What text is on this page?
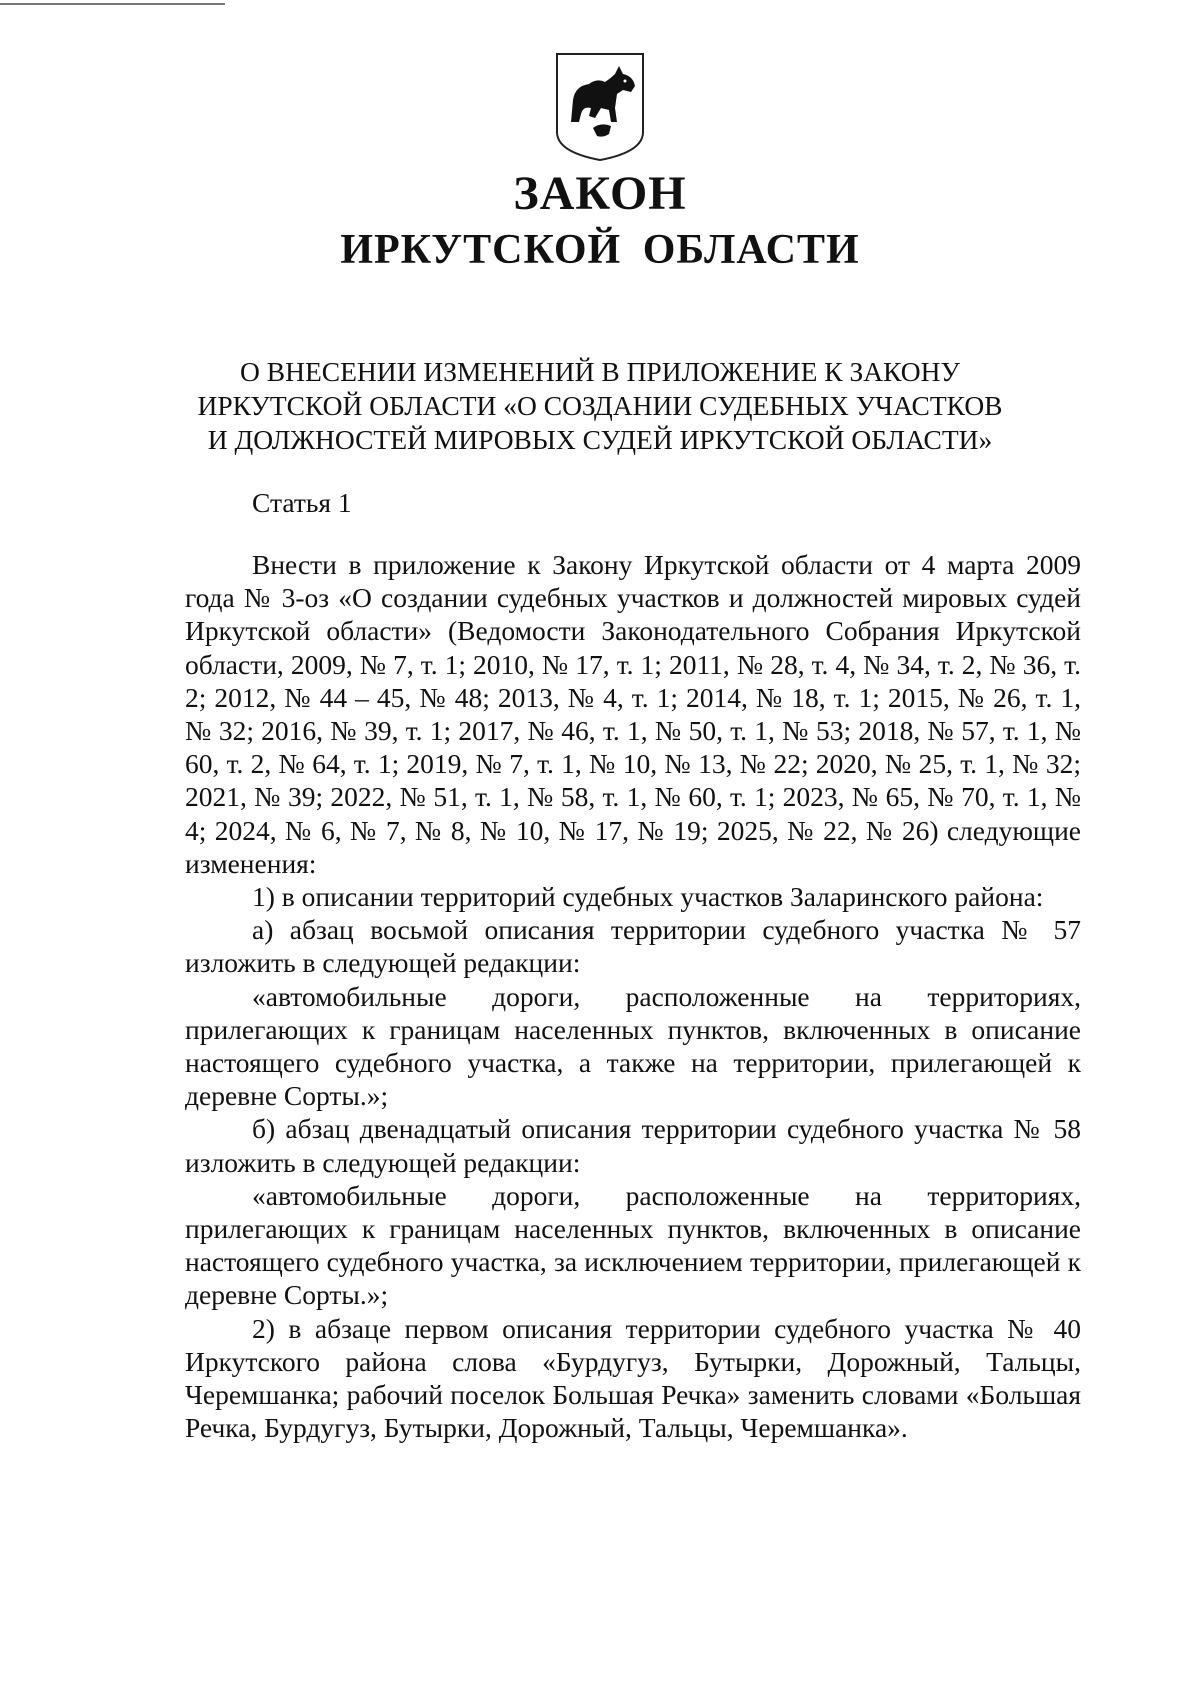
ЗАКОН
ИРКУТСКОЙ ОБЛАСТИ
О ВНЕСЕНИИ ИЗМЕНЕНИЙ В ПРИЛОЖЕНИЕ К ЗАКОНУ
ИРКУТСКОЙ ОБЛАСТИ «О СОЗДАНИИ СУДЕБНЫХ УЧАСТКОВ
И ДОЛЖНОСТЕЙ МИРОВЫХ СУДЕЙ ИРКУТСКОЙ ОБЛАСТИ»
Статья 1

Внести в приложение к Закону Иркутской области от 4 марта 2009 года № 3-оз «О создании судебных участков и должностей мировых судей Иркутской области» (Ведомости Законодательного Собрания Иркутской области, 2009, № 7, т. 1; 2010, № 17, т. 1; 2011, № 28, т. 4, № 34, т. 2, № 36, т. 2; 2012, № 44 – 45, № 48; 2013, № 4, т. 1; 2014, № 18, т. 1; 2015, № 26, т. 1, № 32; 2016, № 39, т. 1; 2017, № 46, т. 1, № 50, т. 1, № 53; 2018, № 57, т. 1, № 60, т. 2, № 64, т. 1; 2019, № 7, т. 1, № 10, № 13, № 22; 2020, № 25, т. 1, № 32; 2021, № 39; 2022, № 51, т. 1, № 58, т. 1, № 60, т. 1; 2023, № 65, № 70, т. 1, № 4; 2024, № 6, № 7, № 8, № 10, № 17, № 19; 2025, № 22, № 26) следующие изменения:

1) в описании территорий судебных участков Заларинского района:

а) абзац восьмой описания территории судебного участка № 57 изложить в следующей редакции:

«автомобильные дороги, расположенные на территориях, прилегающих к границам населенных пунктов, включенных в описание настоящего судебного участка, а также на территории, прилегающей к деревне Сорты.»;

б) абзац двенадцатый описания территории судебного участка № 58 изложить в следующей редакции:

«автомобильные дороги, расположенные на территориях, прилегающих к границам населенных пунктов, включенных в описание настоящего судебного участка, за исключением территории, прилегающей к деревне Сорты.»;

2) в абзаце первом описания территории судебного участка № 40 Иркутского района слова «Бурдугуз, Бутырки, Дорожный, Тальцы, Черемшанка; рабочий поселок Большая Речка» заменить словами «Большая Речка, Бурдугуз, Бутырки, Дорожный, Тальцы, Черемшанка».
